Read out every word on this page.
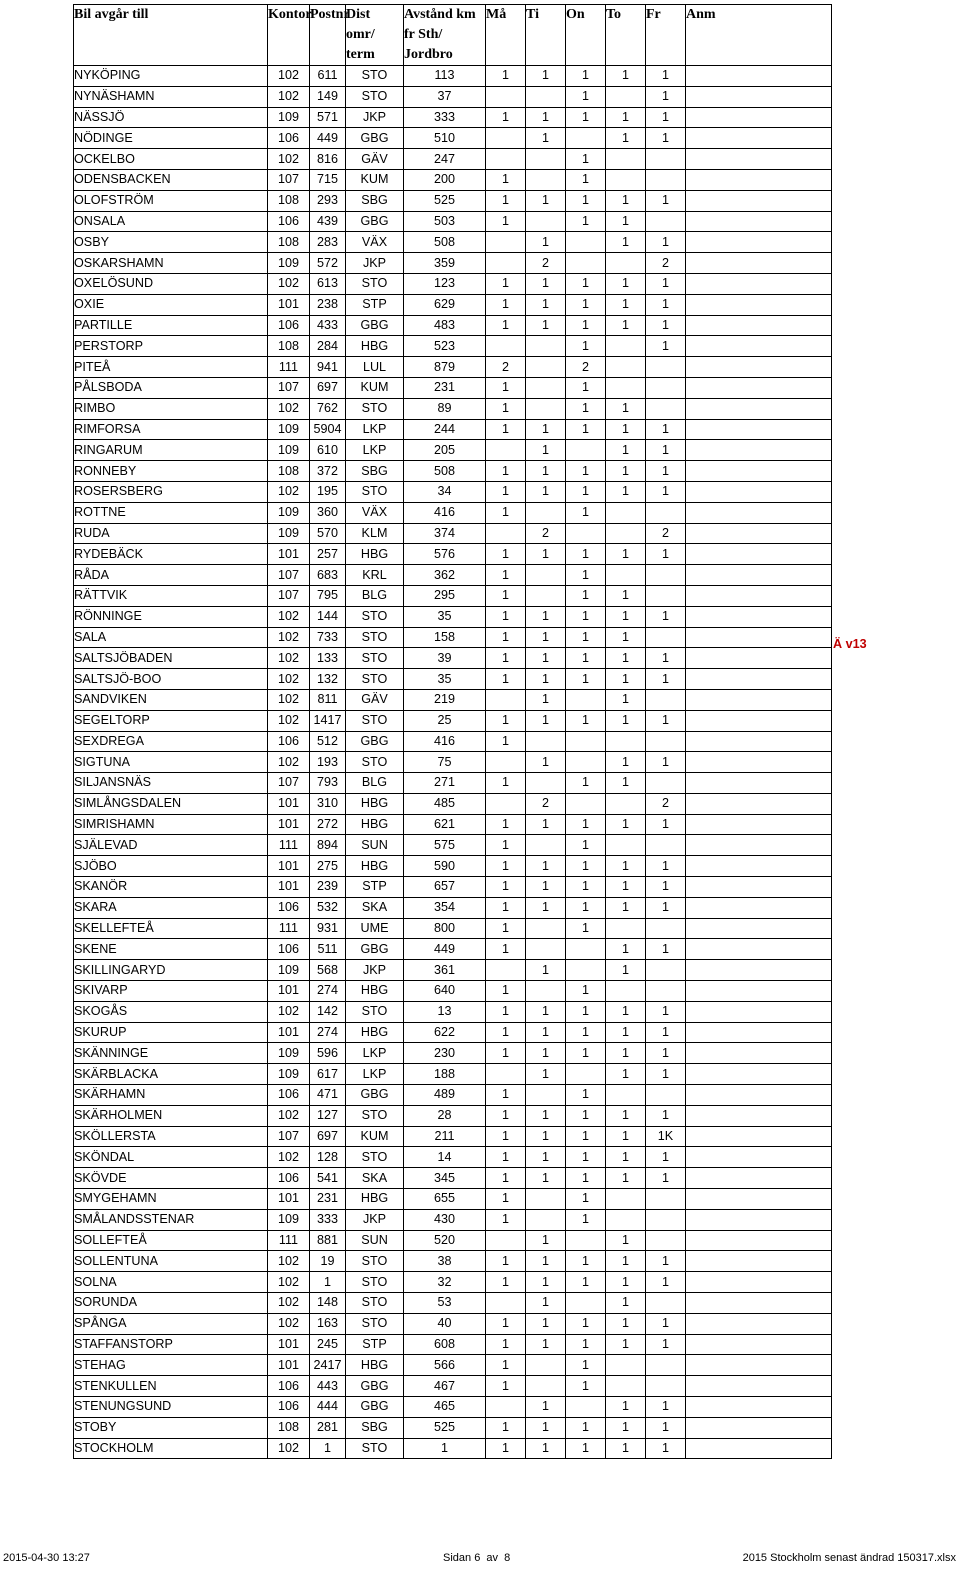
Bil avgår till	Kontor	Postnr	Dist
omr/
term	Avstånd km
fr Sth/
Jordbro	Må	Ti	On	To	Fr	Anm

NYKÖPING	102	611	STO	113	1	1	1	1	1	
NYNÄSHAMN	102	149	STO	37			1		1	
NÄSSJÖ	109	571	JKP	333	1	1	1	1	1	
NÖDINGE	106	449	GBG	510		1		1	1	
OCKELBO	102	816	GÄV	247			1			
ODENSBACKEN	107	715	KUM	200	1		1			
OLOFSTRÖM	108	293	SBG	525	1	1	1	1	1	
ONSALA	106	439	GBG	503	1		1	1		
OSBY	108	283	VÄX	508		1		1	1	
OSKARSHAMN	109	572	JKP	359		2			2	
OXELÖSUND	102	613	STO	123	1	1	1	1	1	
OXIE	101	238	STP	629	1	1	1	1	1	
PARTILLE	106	433	GBG	483	1	1	1	1	1	
PERSTORP	108	284	HBG	523			1		1	
PITEÅ	111	941	LUL	879	2		2			
PÅLSBODA	107	697	KUM	231	1		1			
RIMBO	102	762	STO	89	1		1	1		
RIMFORSA	109	5904	LKP	244	1	1	1	1	1	
RINGARUM	109	610	LKP	205		1		1	1	
RONNEBY	108	372	SBG	508	1	1	1	1	1	
ROSERSBERG	102	195	STO	34	1	1	1	1	1	
ROTTNE	109	360	VÄX	416	1		1			
RUDA	109	570	KLM	374		2			2	
RYDEBÄCK	101	257	HBG	576	1	1	1	1	1	
RÅDA	107	683	KRL	362	1		1			
RÄTTVIK	107	795	BLG	295	1		1	1		
RÖNNINGE	102	144	STO	35	1	1	1	1	1	
SALA	102	733	STO	158	1	1	1	1		
SALTSJÖBADEN	102	133	STO	39	1	1	1	1	1	
SALTSJÖ-BOO	102	132	STO	35	1	1	1	1	1	
SANDVIKEN	102	811	GÄV	219		1		1		
SEGELTORP	102	1417	STO	25	1	1	1	1	1	
SEXDREGA	106	512	GBG	416	1					
SIGTUNA	102	193	STO	75		1		1	1	
SILJANSNÄS	107	793	BLG	271	1		1	1		
SIMLÅNGSDALEN	101	310	HBG	485		2			2	
SIMRISHAMN	101	272	HBG	621	1	1	1	1	1	
SJÄLEVAD	111	894	SUN	575	1		1			
SJÖBO	101	275	HBG	590	1	1	1	1	1	
SKANÖR	101	239	STP	657	1	1	1	1	1	
SKARA	106	532	SKA	354	1	1	1	1	1	
SKELLEFTEÅ	111	931	UME	800	1		1			
SKENE	106	511	GBG	449	1			1	1	
SKILLINGARYD	109	568	JKP	361		1		1		
SKIVARP	101	274	HBG	640	1		1			
SKOGÅS	102	142	STO	13	1	1	1	1	1	
SKURUP	101	274	HBG	622	1	1	1	1	1	
SKÄNNINGE	109	596	LKP	230	1	1	1	1	1	
SKÄRBLACKA	109	617	LKP	188		1		1	1	
SKÄRHAMN	106	471	GBG	489	1		1			
SKÄRHOLMEN	102	127	STO	28	1	1	1	1	1	
SKÖLLERSTA	107	697	KUM	211	1	1	1	1	1K	
SKÖNDAL	102	128	STO	14	1	1	1	1	1	
SKÖVDE	106	541	SKA	345	1	1	1	1	1	
SMYGEHAMN	101	231	HBG	655	1		1			
SMÅLANDSSTENAR	109	333	JKP	430	1		1			
SOLLEFTEÅ	111	881	SUN	520		1		1		
SOLLENTUNA	102	19	STO	38	1	1	1	1	1	
SOLNA	102	1	STO	32	1	1	1	1	1	
SORUNDA	102	148	STO	53		1		1		
SPÅNGA	102	163	STO	40	1	1	1	1	1	
STAFFANSTORP	101	245	STP	608	1	1	1	1	1	
STEHAG	101	2417	HBG	566	1		1			
STENKULLEN	106	443	GBG	467	1		1			
STENUNGSUND	106	444	GBG	465		1		1	1	
STOBY	108	281	SBG	525	1	1	1	1	1	
STOCKHOLM	102	1	STO	1	1	1	1	1	1	
Ä v13
2015-04-30 13:27	Sidan 6  av  8	2015 Stockholm senast ändrad 150317.xlsx
